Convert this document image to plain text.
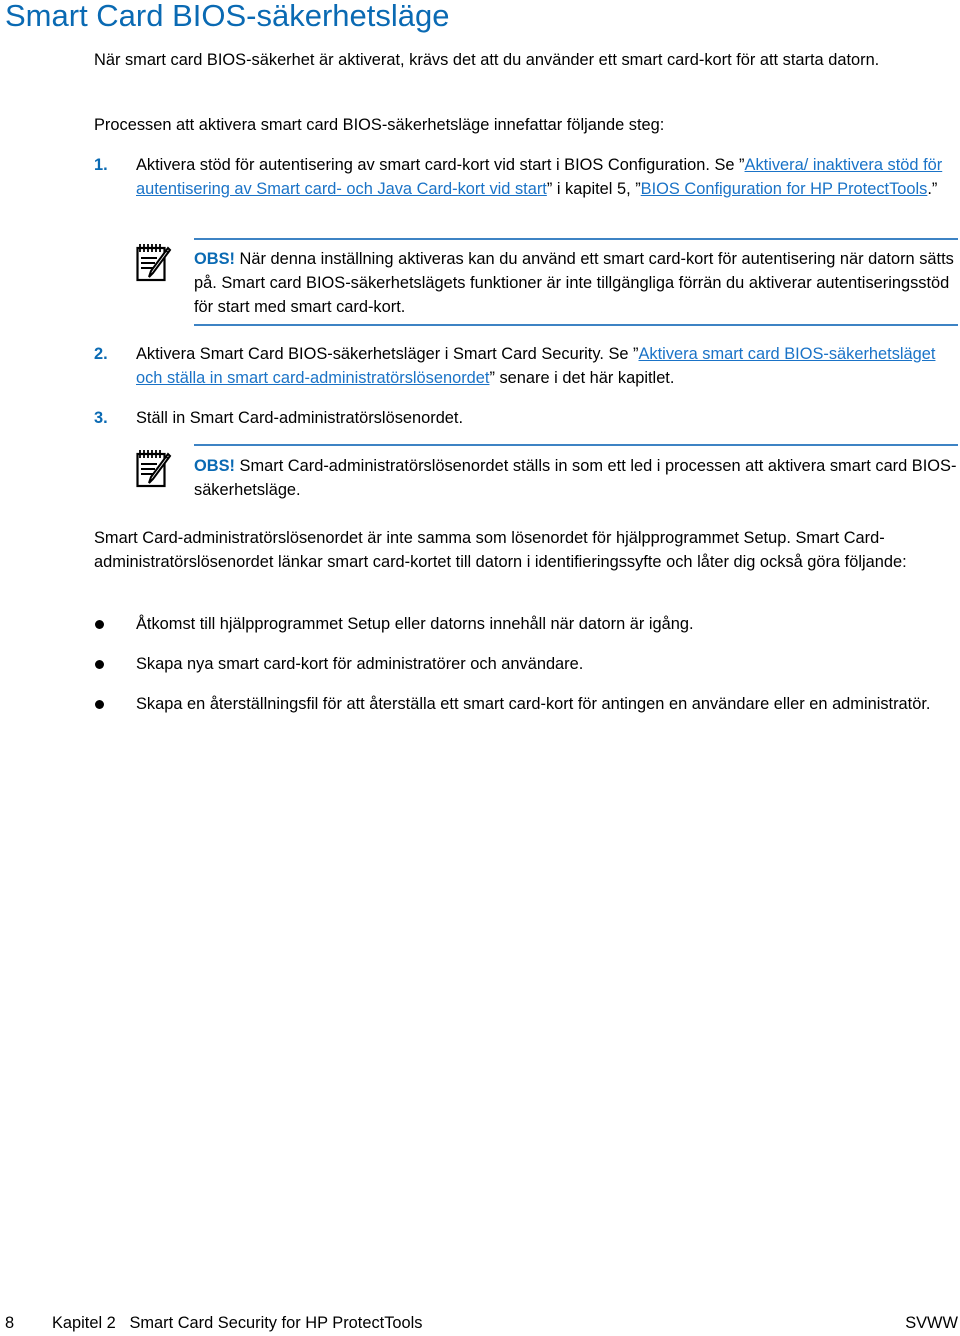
Smart Card BIOS-säkerhetsläge

När smart card BIOS-säkerhet är aktiverat, krävs det att du använder ett smart card-kort för att starta datorn.

Processen att aktivera smart card BIOS-säkerhetsläge innefattar följande steg:

1. Aktivera stöd för autentisering av smart card-kort vid start i BIOS Configuration. Se ”Aktivera/ inaktivera stöd för autentisering av Smart card- och Java Card-kort vid start” i kapitel 5, ”BIOS Configuration for HP ProtectTools.”

OBS! När denna inställning aktiveras kan du använd ett smart card-kort för autentisering när datorn sätts på. Smart card BIOS-säkerhetslägets funktioner är inte tillgängliga förrän du aktiverar autentiseringsstöd för start med smart card-kort.

2. Aktivera Smart Card BIOS-säkerhetsläger i Smart Card Security. Se ”Aktivera smart card BIOS-säkerhetsläget och ställa in smart card-administratörslösenordet” senare i det här kapitlet.

3. Ställ in Smart Card-administratörslösenordet.

OBS! Smart Card-administratörslösenordet ställs in som ett led i processen att aktivera smart card BIOS-säkerhetsläge.

Smart Card-administratörslösenordet är inte samma som lösenordet för hjälpprogrammet Setup. Smart Card-administratörslösenordet länkar smart card-kortet till datorn i identifieringssyfte och låter dig också göra följande:

Åtkomst till hjälpprogrammet Setup eller datorns innehåll när datorn är igång.

Skapa nya smart card-kort för administratörer och användare.

Skapa en återställningsfil för att återställa ett smart card-kort för antingen en användare eller en administratör.

8 Kapitel 2   Smart Card Security for HP ProtectTools	SVWW
